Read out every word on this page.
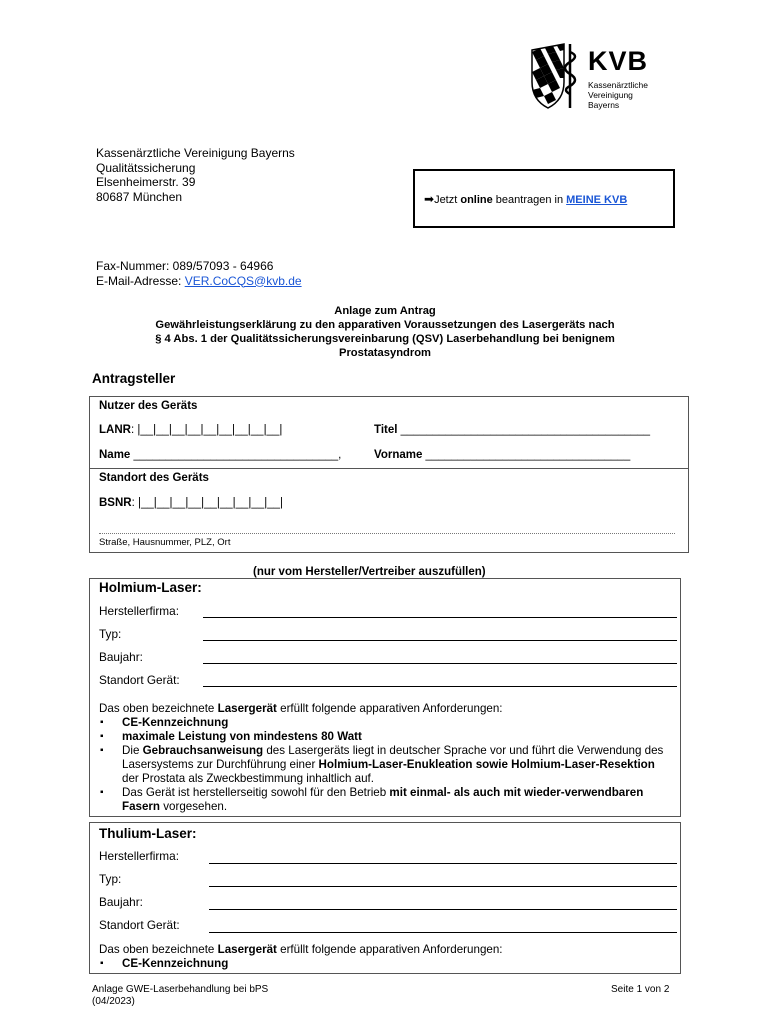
KVB
Kassenärztliche
Vereinigung
Bayerns
Kassenärztliche Vereinigung Bayerns
Qualitätssicherung
Elsenheimerstr. 39
80687 München	➡Jetzt online beantragen in MEINE KVB
Fax-Nummer: 089/57093 - 64966
E-Mail-Adresse: VER.CoCQS@kvb.de
Anlage zum Antrag
Gewährleistungserklärung zu den apparativen Voraussetzungen des Lasergeräts nach
§ 4 Abs. 1 der Qualitätssicherungsvereinbarung (QSV) Laserbehandlung bei benignem
Prostatasyndrom
Antragsteller
Nutzer des Geräts
LANR: |__|__|__|__|__|__|__|__|__|	Titel _______________________________________
Name ________________________________,	Vorname ________________________________
Standort des Geräts
BSNR: |__|__|__|__|__|__|__|__|__|
Straße, Hausnummer, PLZ, Ort
(nur vom Hersteller/Vertreiber auszufüllen)
Holmium-Laser:
Herstellerfirma:
Typ:
Baujahr:
Standort Gerät:
Das oben bezeichnete Lasergerät erfüllt folgende apparativen Anforderungen:
▪ CE-Kennzeichnung
▪ maximale Leistung von mindestens 80 Watt
▪ Die Gebrauchsanweisung des Lasergeräts liegt in deutscher Sprache vor und führt die Verwendung des Lasersystems zur Durchführung einer Holmium-Laser-Enukleation sowie Holmium-Laser-Resektion der Prostata als Zweckbestimmung inhaltlich auf.
▪ Das Gerät ist herstellerseitig sowohl für den Betrieb mit einmal- als auch mit wieder-verwendbaren Fasern vorgesehen.
Thulium-Laser:
Herstellerfirma:
Typ:
Baujahr:
Standort Gerät:
Das oben bezeichnete Lasergerät erfüllt folgende apparativen Anforderungen:
▪ CE-Kennzeichnung
Anlage GWE-Laserbehandlung bei bPS
(04/2023)
Seite 1 von 2
